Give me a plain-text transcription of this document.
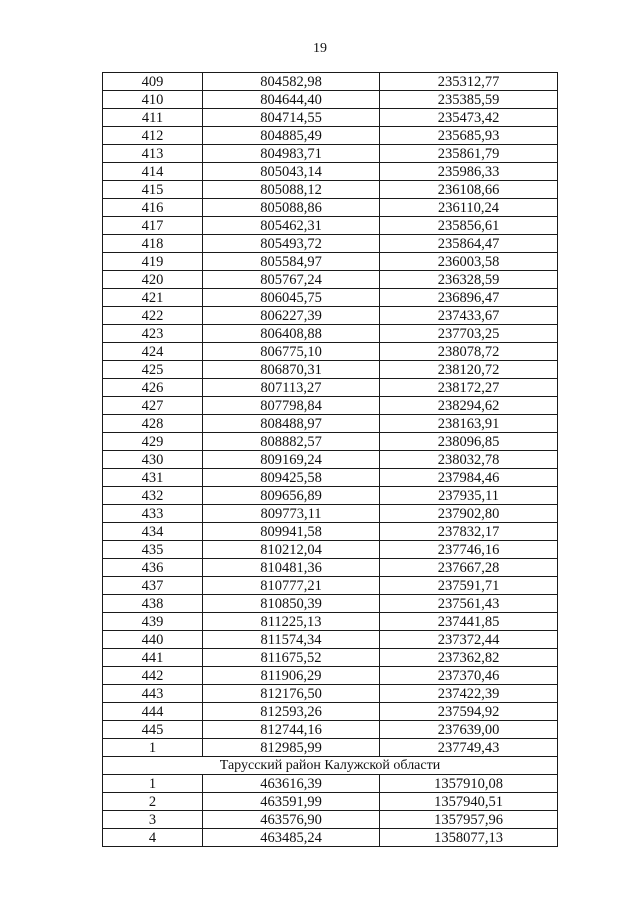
19
409	804582,98	235312,77
410	804644,40	235385,59
411	804714,55	235473,42
412	804885,49	235685,93
413	804983,71	235861,79
414	805043,14	235986,33
415	805088,12	236108,66
416	805088,86	236110,24
417	805462,31	235856,61
418	805493,72	235864,47
419	805584,97	236003,58
420	805767,24	236328,59
421	806045,75	236896,47
422	806227,39	237433,67
423	806408,88	237703,25
424	806775,10	238078,72
425	806870,31	238120,72
426	807113,27	238172,27
427	807798,84	238294,62
428	808488,97	238163,91
429	808882,57	238096,85
430	809169,24	238032,78
431	809425,58	237984,46
432	809656,89	237935,11
433	809773,11	237902,80
434	809941,58	237832,17
435	810212,04	237746,16
436	810481,36	237667,28
437	810777,21	237591,71
438	810850,39	237561,43
439	811225,13	237441,85
440	811574,34	237372,44
441	811675,52	237362,82
442	811906,29	237370,46
443	812176,50	237422,39
444	812593,26	237594,92
445	812744,16	237639,00
1	812985,99	237749,43
Тарусский район Калужской области		
1	463616,39	1357910,08
2	463591,99	1357940,51
3	463576,90	1357957,96
4	463485,24	1358077,13
